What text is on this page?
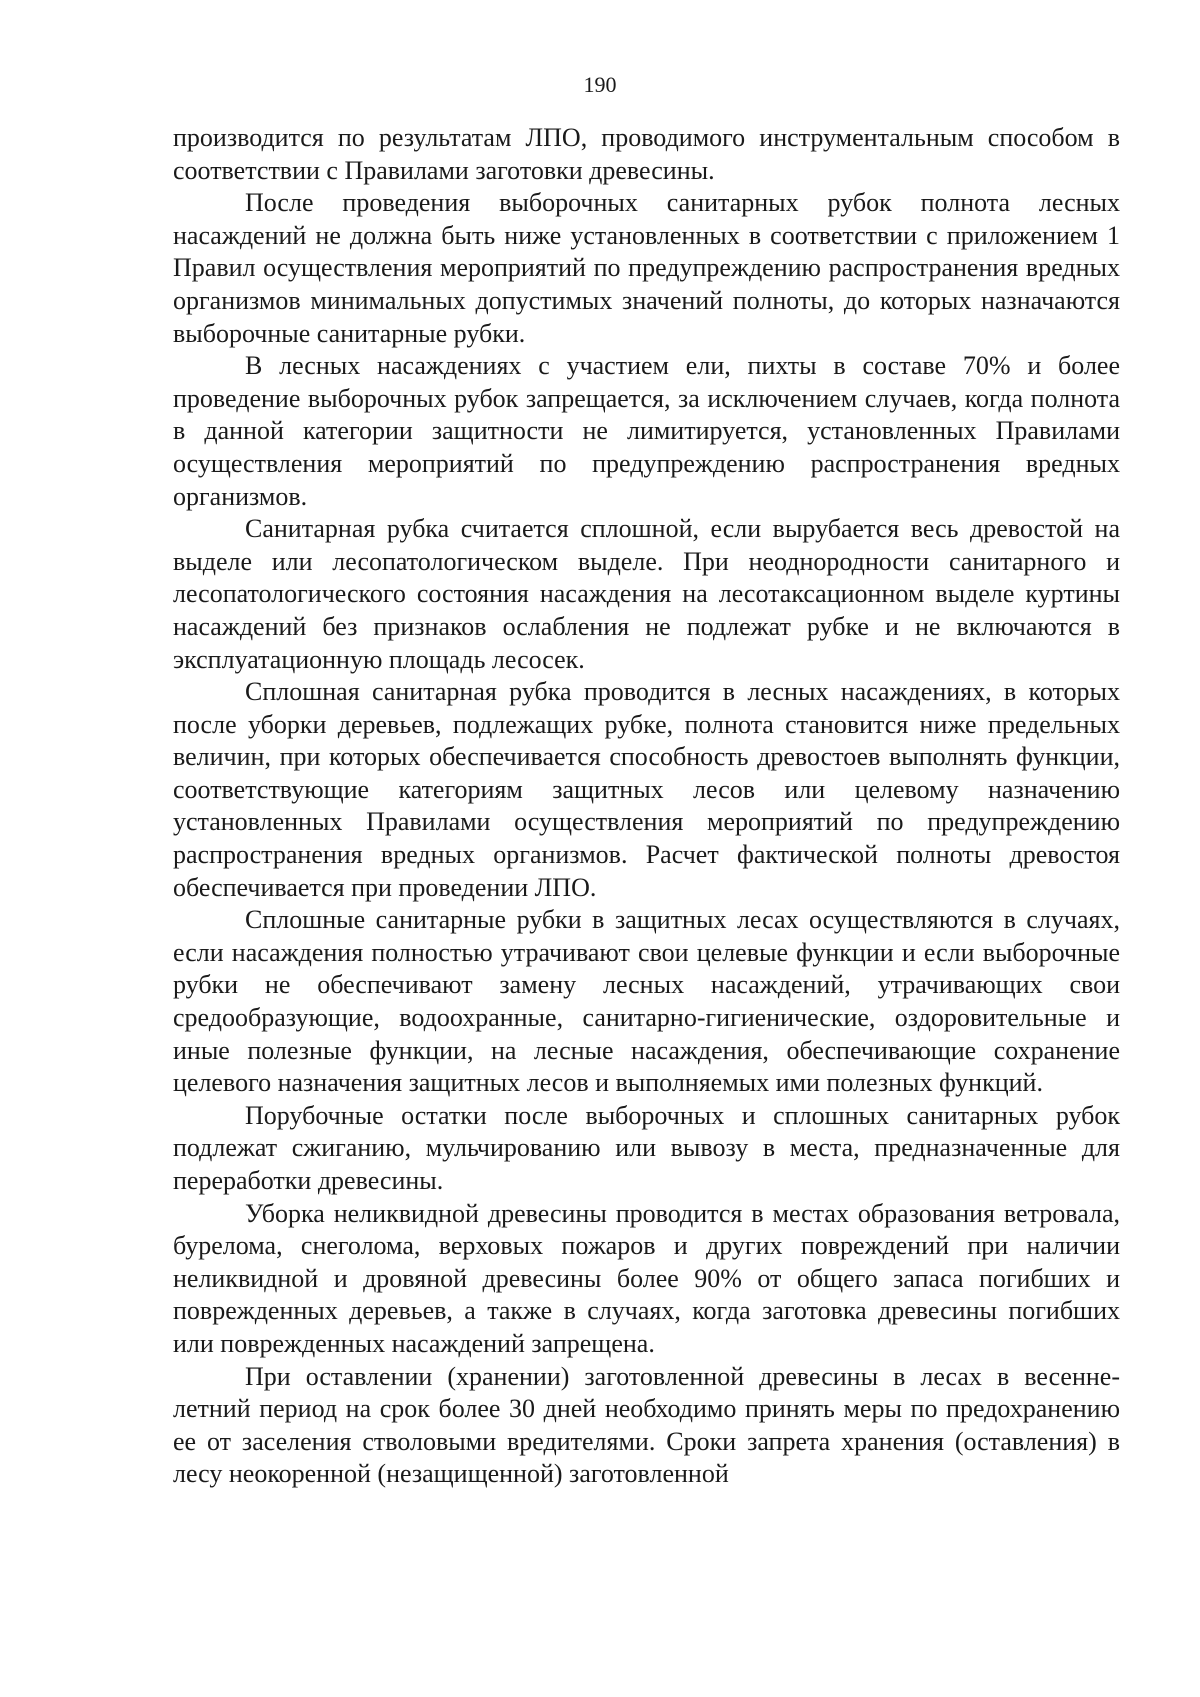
190

производится по результатам ЛПО, проводимого инструментальным способом в соответствии с Правилами заготовки древесины.

После проведения выборочных санитарных рубок полнота лесных насаждений не должна быть ниже установленных в соответствии с приложением 1 Правил осуществления мероприятий по предупреждению распространения вредных организмов минимальных допустимых значений полноты, до которых назначаются выборочные санитарные рубки.

В лесных насаждениях с участием ели, пихты в составе 70% и более проведение выборочных рубок запрещается, за исключением случаев, когда полнота в данной категории защитности не лимитируется, установленных Правилами осуществления мероприятий по предупреждению распространения вредных организмов.

Санитарная рубка считается сплошной, если вырубается весь древостой на выделе или лесопатологическом выделе. При неоднородности санитарного и лесопатологического состояния насаждения на лесотаксационном выделе куртины насаждений без признаков ослабления не подлежат рубке и не включаются в эксплуатационную площадь лесосек.

Сплошная санитарная рубка проводится в лесных насаждениях, в которых после уборки деревьев, подлежащих рубке, полнота становится ниже предельных величин, при которых обеспечивается способность древостоев выполнять функции, соответствующие категориям защитных лесов или целевому назначению установленных Правилами осуществления мероприятий по предупреждению распространения вредных организмов. Расчет фактической полноты древостоя обеспечивается при проведении ЛПО.

Сплошные санитарные рубки в защитных лесах осуществляются в случаях, если насаждения полностью утрачивают свои целевые функции и если выборочные рубки не обеспечивают замену лесных насаждений, утрачивающих свои средообразующие, водоохранные, санитарно-гигиенические, оздоровительные и иные полезные функции, на лесные насаждения, обеспечивающие сохранение целевого назначения защитных лесов и выполняемых ими полезных функций.

Порубочные остатки после выборочных и сплошных санитарных рубок подлежат сжиганию, мульчированию или вывозу в места, предназначенные для переработки древесины.

Уборка неликвидной древесины проводится в местах образования ветровала, бурелома, снеголома, верховых пожаров и других повреждений при наличии неликвидной и дровяной древесины более 90% от общего запаса погибших и поврежденных деревьев, а также в случаях, когда заготовка древесины погибших или поврежденных насаждений запрещена.

При оставлении (хранении) заготовленной древесины в лесах в весенне-летний период на срок более 30 дней необходимо принять меры по предохранению ее от заселения стволовыми вредителями. Сроки запрета хранения (оставления) в лесу неокоренной (незащищенной) заготовленной
